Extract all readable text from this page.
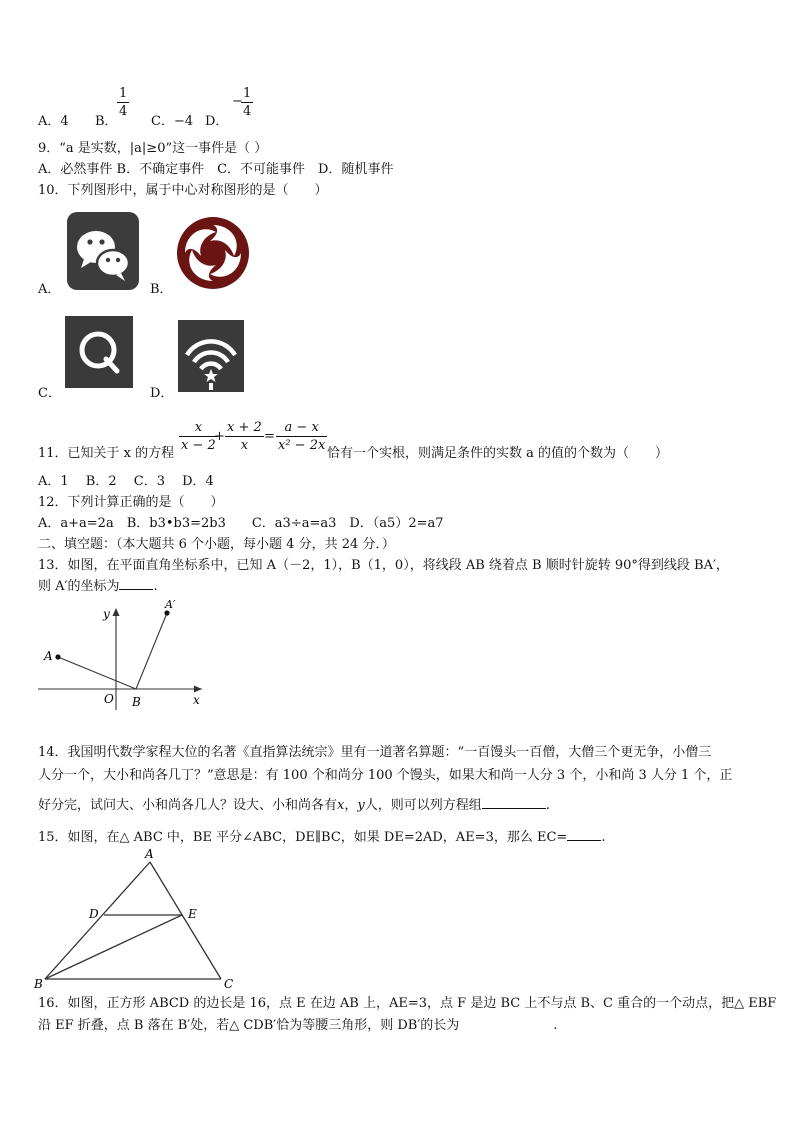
A．4 B．
$\frac{1}{4}$
C．−4 D．
−
$\frac{1}{4}$
9．“a 是实数，|a|≥0”这一事件是（ ）
A．必然事件 B．不确定事件　C．不可能事件　D．随机事件
10．下列图形中，属于中心对称图形的是（　　）
A．	B．
C．	D．
11．已知关于 x 的方程
$\frac{x}{x - 2}$
+ $\frac{x + 2}{x} = \frac{a - x}{\text{x² − 2x}}$
恰有一个实根，则满足条件的实数 a 的值的个数为（　　）
A．1　 B．2　 C．3　 D．4
12．下列计算正确的是（　　）
A．a+a=2a　B．b3•b3=2b3　　C．a3÷a=a3　D．（a5）2=a7
二、填空题：（本大题共 6 个小题，每小题 4 分，共 24 分．）
13．如图，在平面直角坐标系中，已知 A（－2，1），B（1，0），将线段 AB 绕着点 B 顺时针旋转 90°得到线段 BA′，
则 A′的坐标为	.
A
A′
y
x
O B
14．我国明代数学家程大位的名著《直指算法统宗》里有一道著名算题：“一百馒头一百僧，大僧三个更无争，小僧三
人分一个，大小和尚各几丁？”意思是：有 100 个和尚分 100 个馒头，如果大和尚一人分 3 个，小和尚 3 人分 1 个，正
好分完，试问大、小和尚各几人？设大、小和尚各有x，y人，则可以列方程组	.
15．如图，在△ ABC 中，BE 平分∠ABC，DE∥BC，如果 DE=2AD，AE=3，那么 EC=	.
A
B	C
D	E
16．如图，正方形 ABCD 的边长是 16，点 E 在边 AB 上，AE=3，点 F 是边 BC 上不与点 B、C 重合的一个动点，把△ EBF
沿 EF 折叠，点 B 落在 B′处，若△ CDB′恰为等腰三角形，则 DB′的长为	.
